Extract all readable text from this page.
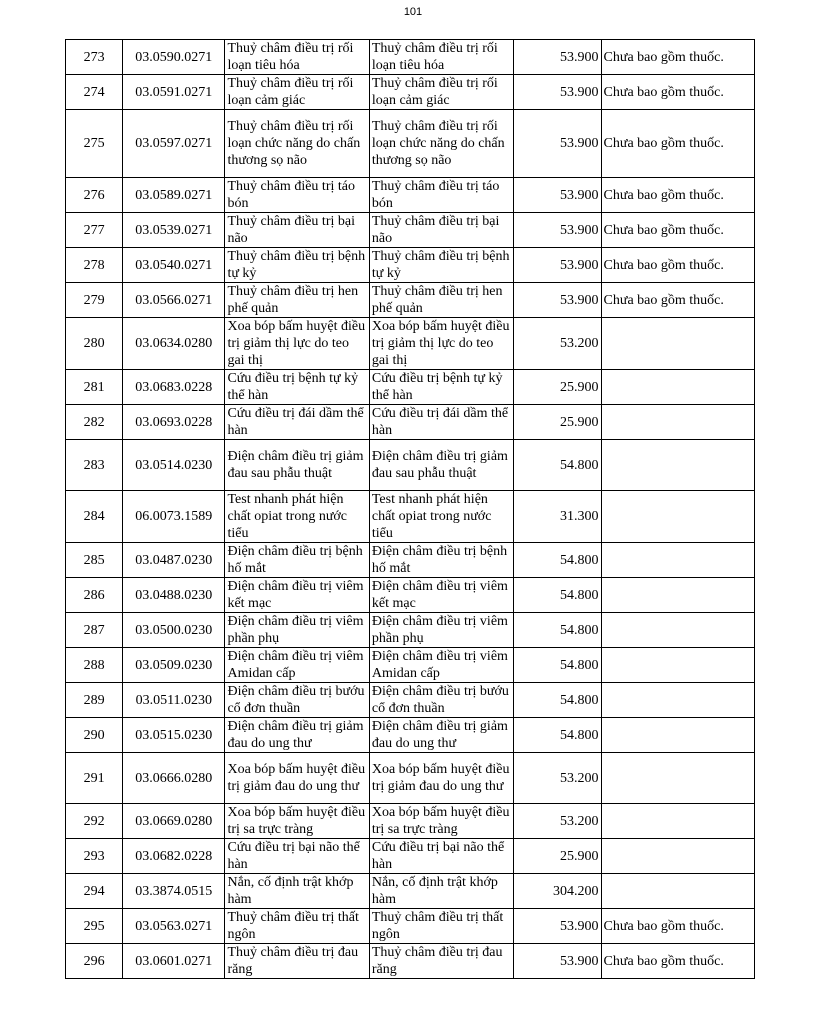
101
273	03.0590.0271	Thuỷ châm điều trị rối loạn tiêu hóa	Thuỷ châm điều trị rối loạn tiêu hóa	53.900	Chưa bao gồm thuốc.
274	03.0591.0271	Thuỷ châm điều trị rối loạn cảm giác	Thuỷ châm điều trị rối loạn cảm giác	53.900	Chưa bao gồm thuốc.
275	03.0597.0271	Thuỷ châm điều trị rối loạn chức năng do chấn thương sọ não	Thuỷ châm điều trị rối loạn chức năng do chấn thương sọ não	53.900	Chưa bao gồm thuốc.
276	03.0589.0271	Thuỷ châm điều trị táo bón	Thuỷ châm điều trị táo bón	53.900	Chưa bao gồm thuốc.
277	03.0539.0271	Thuỷ châm điều trị bại não	Thuỷ châm điều trị bại não	53.900	Chưa bao gồm thuốc.
278	03.0540.0271	Thuỷ châm điều trị bệnh tự kỷ	Thuỷ châm điều trị bệnh tự kỷ	53.900	Chưa bao gồm thuốc.
279	03.0566.0271	Thuỷ châm điều trị hen phế quản	Thuỷ châm điều trị hen phế quản	53.900	Chưa bao gồm thuốc.
280	03.0634.0280	Xoa bóp bấm huyệt điều trị giảm thị lực do teo gai thị	Xoa bóp bấm huyệt điều trị giảm thị lực do teo gai thị	53.200	
281	03.0683.0228	Cứu điều trị bệnh tự kỷ thể hàn	Cứu điều trị bệnh tự kỷ thể hàn	25.900	
282	03.0693.0228	Cứu điều trị đái dầm thể hàn	Cứu điều trị đái dầm thể hàn	25.900	
283	03.0514.0230	Điện châm điều trị giảm đau sau phẫu thuật	Điện châm điều trị giảm đau sau phẫu thuật	54.800	
284	06.0073.1589	Test nhanh phát hiện chất opiat trong nước tiểu	Test nhanh phát hiện chất opiat trong nước tiểu	31.300	
285	03.0487.0230	Điện châm điều trị bệnh hố mắt	Điện châm điều trị bệnh hố mắt	54.800	
286	03.0488.0230	Điện châm điều trị viêm kết mạc	Điện châm điều trị viêm kết mạc	54.800	
287	03.0500.0230	Điện châm điều trị viêm phần phụ	Điện châm điều trị viêm phần phụ	54.800	
288	03.0509.0230	Điện châm điều trị viêm Amidan cấp	Điện châm điều trị viêm Amidan cấp	54.800	
289	03.0511.0230	Điện châm điều trị bướu cổ đơn thuần	Điện châm điều trị bướu cổ đơn thuần	54.800	
290	03.0515.0230	Điện châm điều trị giảm đau do ung thư	Điện châm điều trị giảm đau do ung thư	54.800	
291	03.0666.0280	Xoa bóp bấm huyệt điều trị giảm đau do ung thư	Xoa bóp bấm huyệt điều trị giảm đau do ung thư	53.200	
292	03.0669.0280	Xoa bóp bấm huyệt điều trị sa trực tràng	Xoa bóp bấm huyệt điều trị sa trực tràng	53.200	
293	03.0682.0228	Cứu điều trị bại não thể hàn	Cứu điều trị bại não thể hàn	25.900	
294	03.3874.0515	Nắn, cố định trật khớp hàm	Nắn, cố định trật khớp hàm	304.200	
295	03.0563.0271	Thuỷ châm điều trị thất ngôn	Thuỷ châm điều trị thất ngôn	53.900	Chưa bao gồm thuốc.
296	03.0601.0271	Thuỷ châm điều trị đau răng	Thuỷ châm điều trị đau răng	53.900	Chưa bao gồm thuốc.
